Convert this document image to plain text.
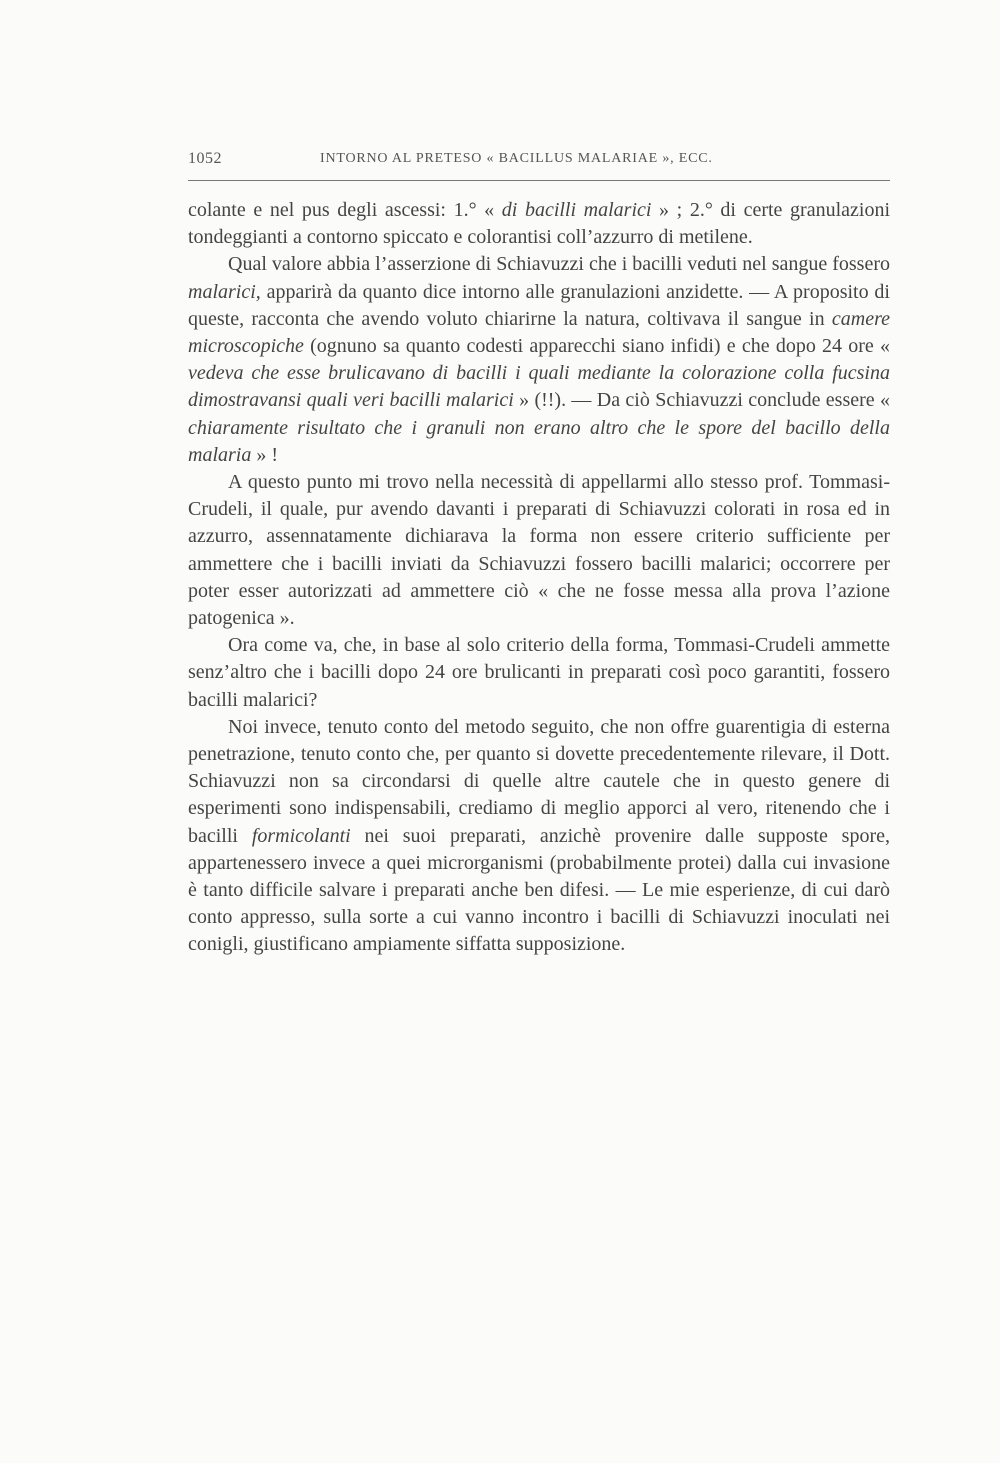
1052	INTORNO AL PRETESO « BACILLUS MALARIAE », ECC.

colante e nel pus degli ascessi: 1.° « di bacilli malarici » ; 2.° di certe granulazioni tondeggianti a contorno spiccato e colorantisi coll’azzurro di metilene.

Qual valore abbia l’asserzione di Schiavuzzi che i bacilli veduti nel sangue fossero malarici, apparirà da quanto dice intorno alle granulazioni anzidette. — A proposito di queste, racconta che avendo voluto chiarirne la natura, coltivava il sangue in camere microscopiche (ognuno sa quanto codesti apparecchi siano infidi) e che dopo 24 ore « vedeva che esse brulicavano di bacilli i quali mediante la colorazione colla fucsina dimostravansi quali veri bacilli malarici » (!!). — Da ciò Schiavuzzi conclude essere « chiaramente risultato che i granuli non erano altro che le spore del bacillo della malaria » !

A questo punto mi trovo nella necessità di appellarmi allo stesso prof. Tommasi-Crudeli, il quale, pur avendo davanti i preparati di Schiavuzzi colorati in rosa ed in azzurro, assennatamente dichiarava la forma non essere criterio sufficiente per ammettere che i bacilli inviati da Schiavuzzi fossero bacilli malarici; occorrere per poter esser autorizzati ad ammettere ciò « che ne fosse messa alla prova l’azione patogenica ».

Ora come va, che, in base al solo criterio della forma, Tommasi-Crudeli ammette senz’altro che i bacilli dopo 24 ore brulicanti in preparati così poco garantiti, fossero bacilli malarici?

Noi invece, tenuto conto del metodo seguito, che non offre guarentigia di esterna penetrazione, tenuto conto che, per quanto si dovette precedentemente rilevare, il Dott. Schiavuzzi non sa circondarsi di quelle altre cautele che in questo genere di esperimenti sono indispensabili, crediamo di meglio apporci al vero, ritenendo che i bacilli formicolanti nei suoi preparati, anzichè provenire dalle supposte spore, appartenessero invece a quei microrganismi (probabilmente protei) dalla cui invasione è tanto difficile salvare i preparati anche ben difesi. — Le mie esperienze, di cui darò conto appresso, sulla sorte a cui vanno incontro i bacilli di Schiavuzzi inoculati nei conigli, giustificano ampiamente siffatta supposizione.
